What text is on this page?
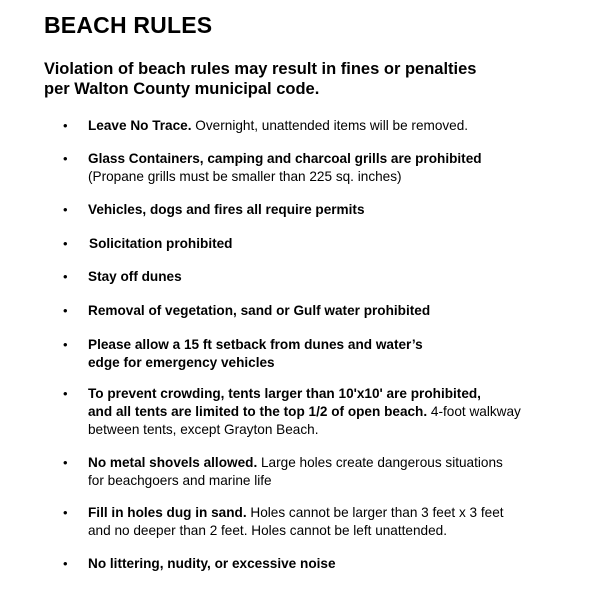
BEACH RULES
Violation of beach rules may result in fines or penalties
per Walton County municipal code.
• Leave No Trace. Overnight, unattended items will be removed.
• Glass Containers, camping and charcoal grills are prohibited
(Propane grills must be smaller than 225 sq. inches)
• Vehicles, dogs and fires all require permits
• Solicitation prohibited
• Stay off dunes
• Removal of vegetation, sand or Gulf water prohibited
• Please allow a 15 ft setback from dunes and water’s
edge for emergency vehicles
• To prevent crowding, tents larger than 10'x10' are prohibited,
and all tents are limited to the top 1/2 of open beach. 4-foot walkway
between tents, except Grayton Beach.
• No metal shovels allowed. Large holes create dangerous situations
for beachgoers and marine life
• Fill in holes dug in sand. Holes cannot be larger than 3 feet x 3 feet
and no deeper than 2 feet. Holes cannot be left unattended.
• No littering, nudity, or excessive noise
